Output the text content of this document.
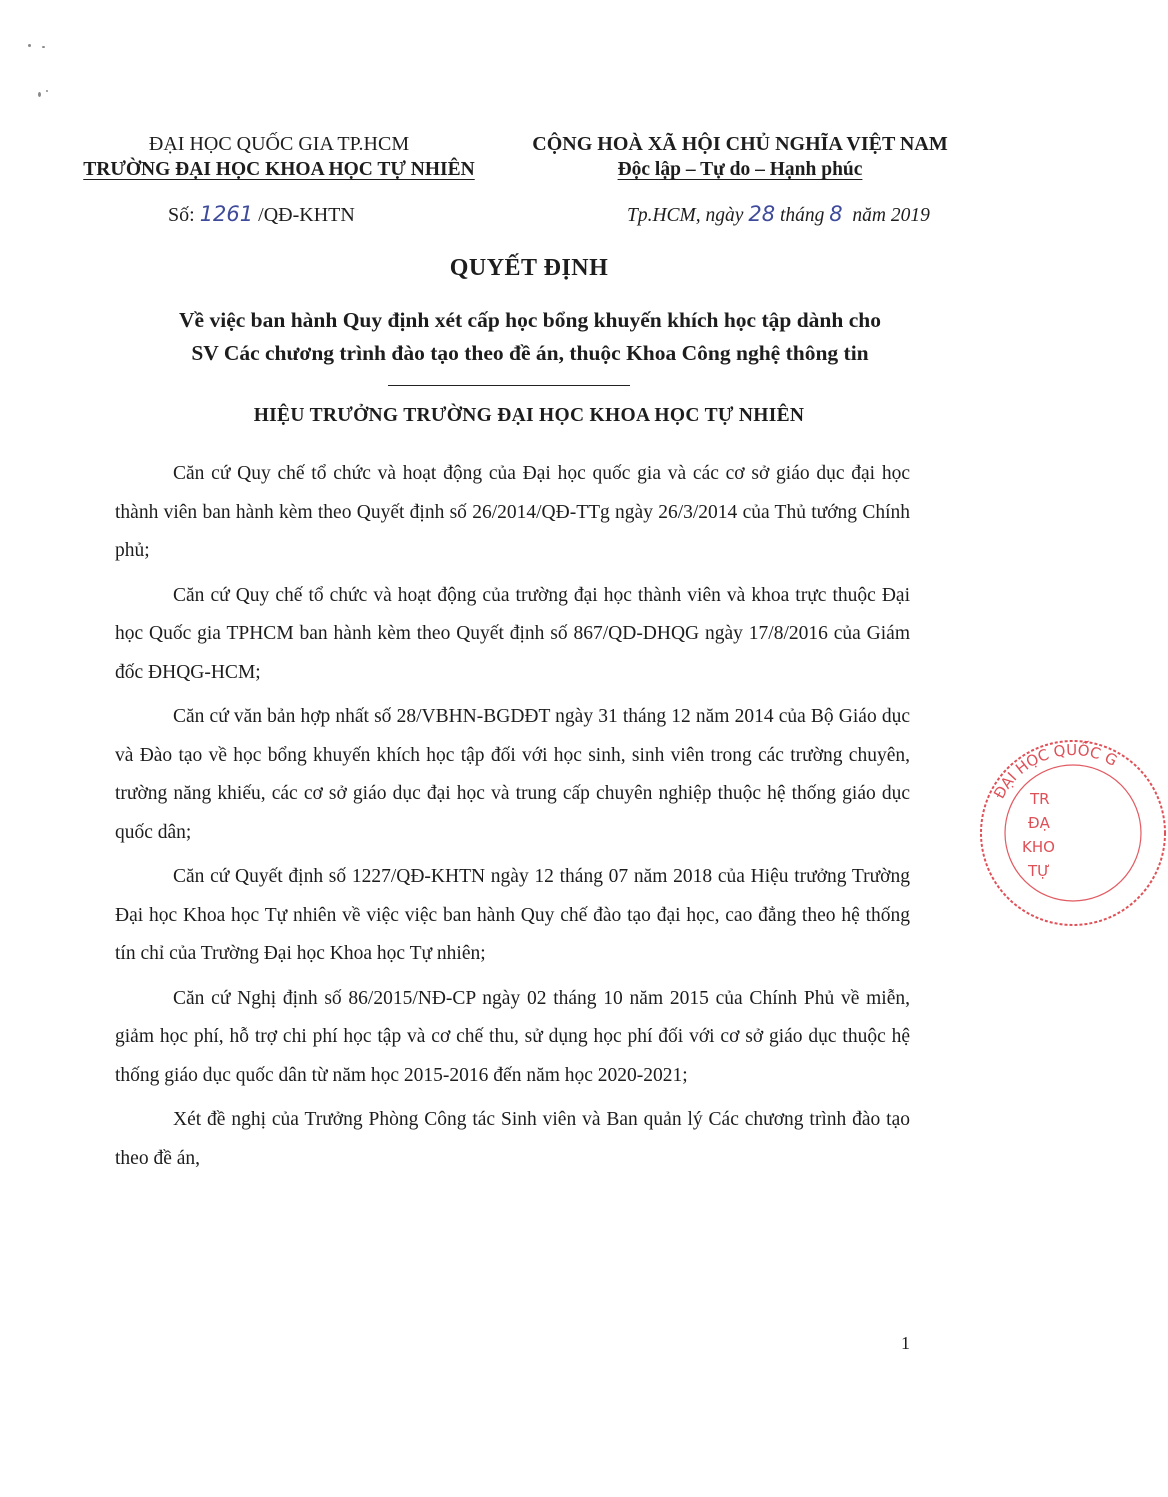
ĐẠI HỌC QUỐC GIA TP.HCM
TRƯỜNG ĐẠI HỌC KHOA HỌC TỰ NHIÊN
CỘNG HOÀ XÃ HỘI CHỦ NGHĨA VIỆT NAM
Độc lập – Tự do – Hạnh phúc
Số: 1261 /QĐ-KHTN	Tp.HCM, ngày 28 tháng 8 năm 2019
QUYẾT ĐỊNH
Về việc ban hành Quy định xét cấp học bổng khuyến khích học tập dành cho
SV Các chương trình đào tạo theo đề án, thuộc Khoa Công nghệ thông tin
HIỆU TRƯỞNG TRƯỜNG ĐẠI HỌC KHOA HỌC TỰ NHIÊN

Căn cứ Quy chế tổ chức và hoạt động của Đại học quốc gia và các cơ sở giáo dục đại học thành viên ban hành kèm theo Quyết định số 26/2014/QĐ-TTg ngày 26/3/2014 của Thủ tướng Chính phủ;

Căn cứ Quy chế tổ chức và hoạt động của trường đại học thành viên và khoa trực thuộc Đại học Quốc gia TPHCM ban hành kèm theo Quyết định số 867/QD-DHQG ngày 17/8/2016 của Giám đốc ĐHQG-HCM;

Căn cứ văn bản hợp nhất số 28/VBHN-BGDĐT ngày 31 tháng 12 năm 2014 của Bộ Giáo dục và Đào tạo về học bổng khuyến khích học tập đối với học sinh, sinh viên trong các trường chuyên, trường năng khiếu, các cơ sở giáo dục đại học và trung cấp chuyên nghiệp thuộc hệ thống giáo dục quốc dân;

Căn cứ Quyết định số 1227/QĐ-KHTN ngày 12 tháng 07 năm 2018 của Hiệu trưởng Trường Đại học Khoa học Tự nhiên về việc việc ban hành Quy chế đào tạo đại học, cao đẳng theo hệ thống tín chỉ của Trường Đại học Khoa học Tự nhiên;

Căn cứ Nghị định số 86/2015/NĐ-CP ngày 02 tháng 10 năm 2015 của Chính Phủ về miễn, giảm học phí, hỗ trợ chi phí học tập và cơ chế thu, sử dụng học phí đối với cơ sở giáo dục thuộc hệ thống giáo dục quốc dân từ năm học 2015-2016 đến năm học 2020-2021;

Xét đề nghị của Trưởng Phòng Công tác Sinh viên và Ban quản lý Các chương trình đào tạo theo đề án,

ĐẠI HỌC QUỐC G
TR
ĐẠ
KHO
TỰ
1
